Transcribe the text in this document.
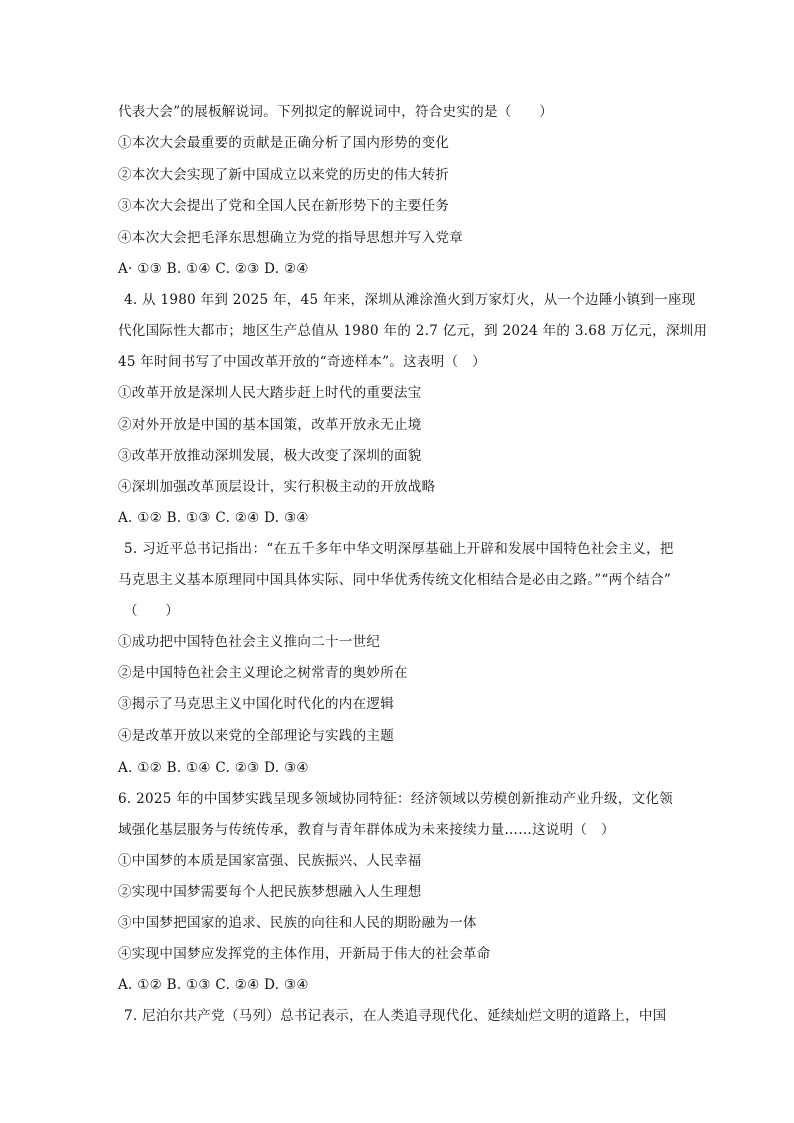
代表大会”的展板解说词。下列拟定的解说词中，符合史实的是（　　）
①本次大会最重要的贡献是正确分析了国内形势的变化
②本次大会实现了新中国成立以来党的历史的伟大转折
③本次大会提出了党和全国人民在新形势下的主要任务
④本次大会把毛泽东思想确立为党的指导思想并写入党章
A· ①③ B. ①④ C. ②③ D. ②④
4. 从 1980 年到 2025 年，45 年来，深圳从滩涂渔火到万家灯火，从一个边陲小镇到一座现
代化国际性大都市；地区生产总值从 1980 年的 2.7 亿元，到 2024 年的 3.68 万亿元，深圳用
45 年时间书写了中国改革开放的“奇迹样本”。这表明（　）
①改革开放是深圳人民大踏步赶上时代的重要法宝
②对外开放是中国的基本国策，改革开放永无止境
③改革开放推动深圳发展，极大改变了深圳的面貌
④深圳加强改革顶层设计，实行积极主动的开放战略
A. ①② B. ①③ C. ②④ D. ③④
5. 习近平总书记指出：“在五千多年中华文明深厚基础上开辟和发展中国特色社会主义，把
马克思主义基本原理同中国具体实际、同中华优秀传统文化相结合是必由之路。”“两个结合”
（　　）
①成功把中国特色社会主义推向二十一世纪
②是中国特色社会主义理论之树常青的奥妙所在
③揭示了马克思主义中国化时代化的内在逻辑
④是改革开放以来党的全部理论与实践的主题
A. ①② B. ①④ C. ②③ D. ③④
6. 2025 年的中国梦实践呈现多领域协同特征：经济领域以劳模创新推动产业升级，文化领
域强化基层服务与传统传承，教育与青年群体成为未来接续力量……这说明（　）
①中国梦的本质是国家富强、民族振兴、人民幸福
②实现中国梦需要每个人把民族梦想融入人生理想
③中国梦把国家的追求、民族的向往和人民的期盼融为一体
④实现中国梦应发挥党的主体作用，开新局于伟大的社会革命
A. ①② B. ①③ C. ②④ D. ③④
7. 尼泊尔共产党（马列）总书记表示，在人类追寻现代化、延续灿烂文明的道路上，中国
